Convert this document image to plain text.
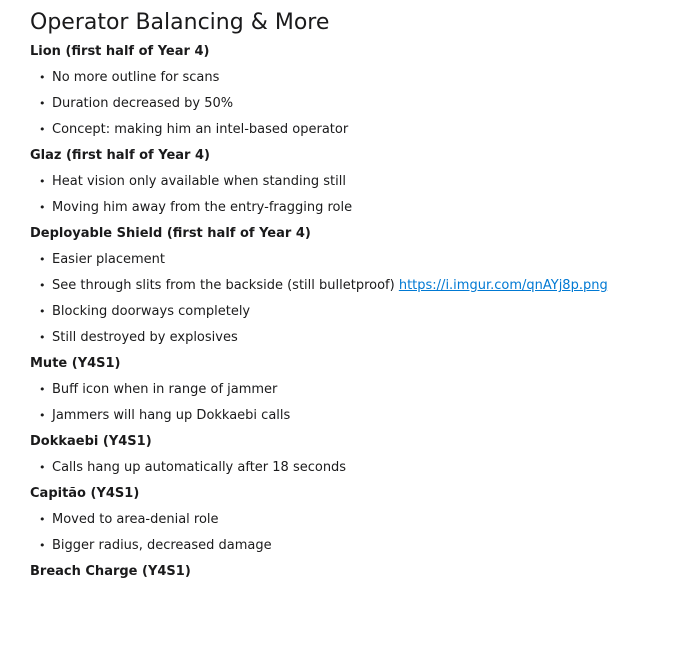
Operator Balancing & More
Lion (first half of Year 4)
• No more outline for scans
• Duration decreased by 50%
• Concept: making him an intel-based operator
Glaz (first half of Year 4)
• Heat vision only available when standing still
• Moving him away from the entry-fragging role
Deployable Shield (first half of Year 4)
• Easier placement
• See through slits from the backside (still bulletproof) https://i.imgur.com/qnAYj8p.png
• Blocking doorways completely
• Still destroyed by explosives
Mute (Y4S1)
• Buff icon when in range of jammer
• Jammers will hang up Dokkaebi calls
Dokkaebi (Y4S1)
• Calls hang up automatically after 18 seconds
Capitão (Y4S1)
• Moved to area-denial role
• Bigger radius, decreased damage
Breach Charge (Y4S1)
